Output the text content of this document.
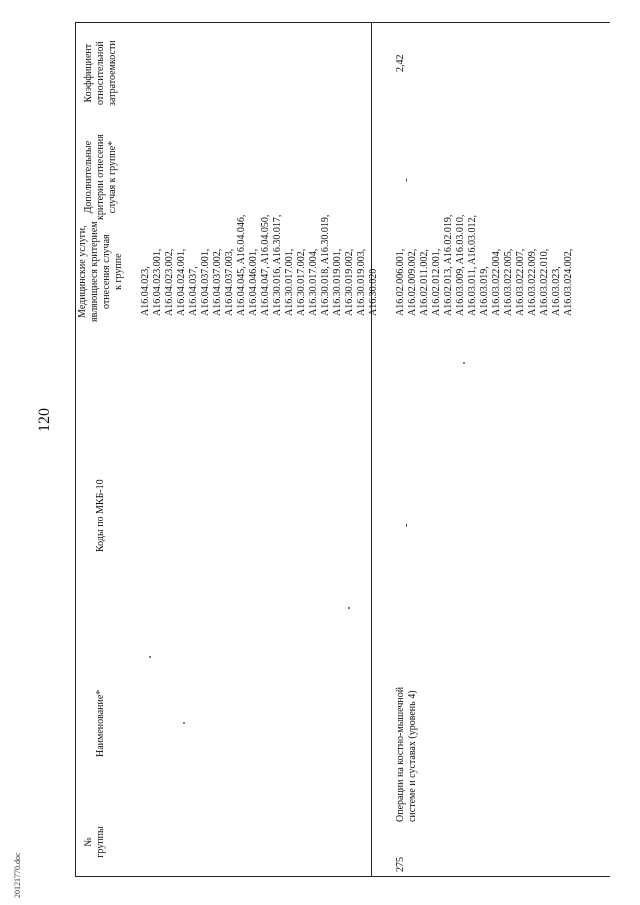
120
20121770.doc
№ группы
Наименование*
Коды по МКБ-10
Медицинские услуги, являющиеся критерием отнесения случая к группе
Дополнительные критерии отнесения случая к группе*
Коэффициент относительной затратоемкости
A16.04.023, A16.04.023.001, A16.04.023.002, A16.04.024.001, A16.04.037, A16.04.037.001, A16.04.037.002, A16.04.037.003, A16.04.045, A16.04.046, A16.04.046.001, A16.04.047, A16.04.050, A16.30.016, A16.30.017, A16.30.017.001, A16.30.017.002, A16.30.017.004, A16.30.018, A16.30.019, A16.30.019.001, A16.30.019.002, A16.30.019.003, A16.30.020
275
Операции на костно-мышечной системе и суставах (уровень 4)
-
A16.02.006.001, A16.02.009.002, A16.02.011.002, A16.02.012.001, A16.02.013, A16.02.019, A16.03.009, A16.03.010, A16.03.011, A16.03.012, A16.03.019, A16.03.022.004, A16.03.022.005, A16.03.022.007, A16.03.022.009, A16.03.022.010, A16.03.023, A16.03.024.002,
-
2,42
